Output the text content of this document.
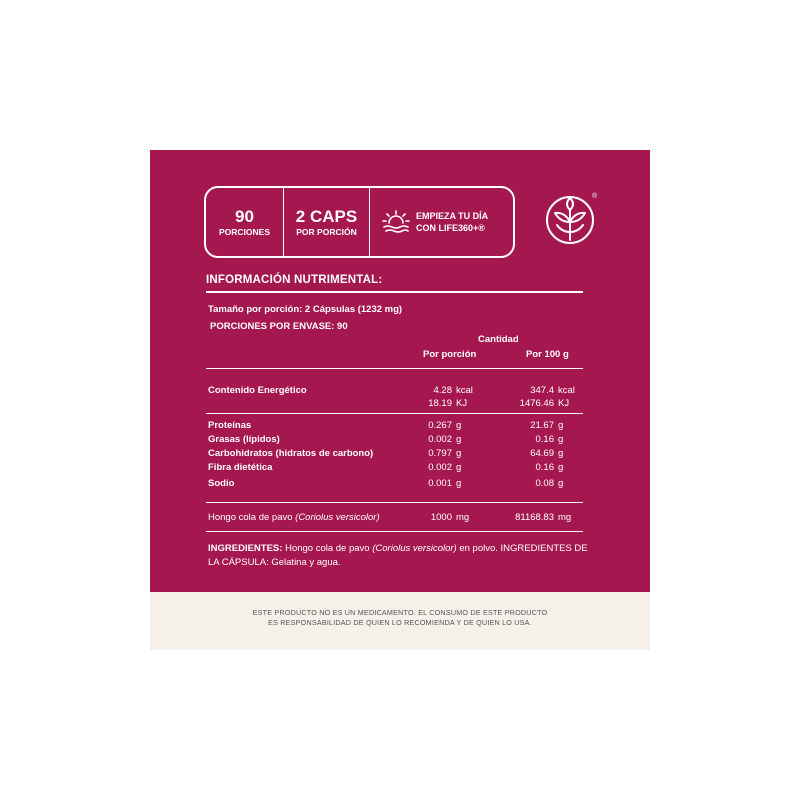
90
PORCIONES
2 CAPS
POR PORCIÓN
EMPIEZA TU DÍA
CON LIFE360+®
®
INFORMACIÓN NUTRIMENTAL:
Tamaño por porción: 2 Cápsulas (1232 mg)
PORCIONES POR ENVASE: 90
Cantidad
Por porción	Por 100 g
Contenido Energético	4.28 kcal	347.4 kcal
18.19 KJ	1476.46 KJ
Proteínas	0.267 g	21.67 g
Grasas (lípidos)	0.002 g	0.16 g
Carbohidratos (hidratos de carbono)	0.797 g	64.69 g
Fibra dietética	0.002 g	0.16 g
Sodio	0.001 g	0.08 g
Hongo cola de pavo (Coriolus versicolor)	1000 mg	81168.83 mg
INGREDIENTES: Hongo cola de pavo (Coriolus versicolor) en polvo. INGREDIENTES DE LA CÁPSULA: Gelatina y agua.
ESTE PRODUCTO NO ES UN MEDICAMENTO. EL CONSUMO DE ESTE PRODUCTO
ES RESPONSABILIDAD DE QUIEN LO RECOMIENDA Y DE QUIEN LO USA.
